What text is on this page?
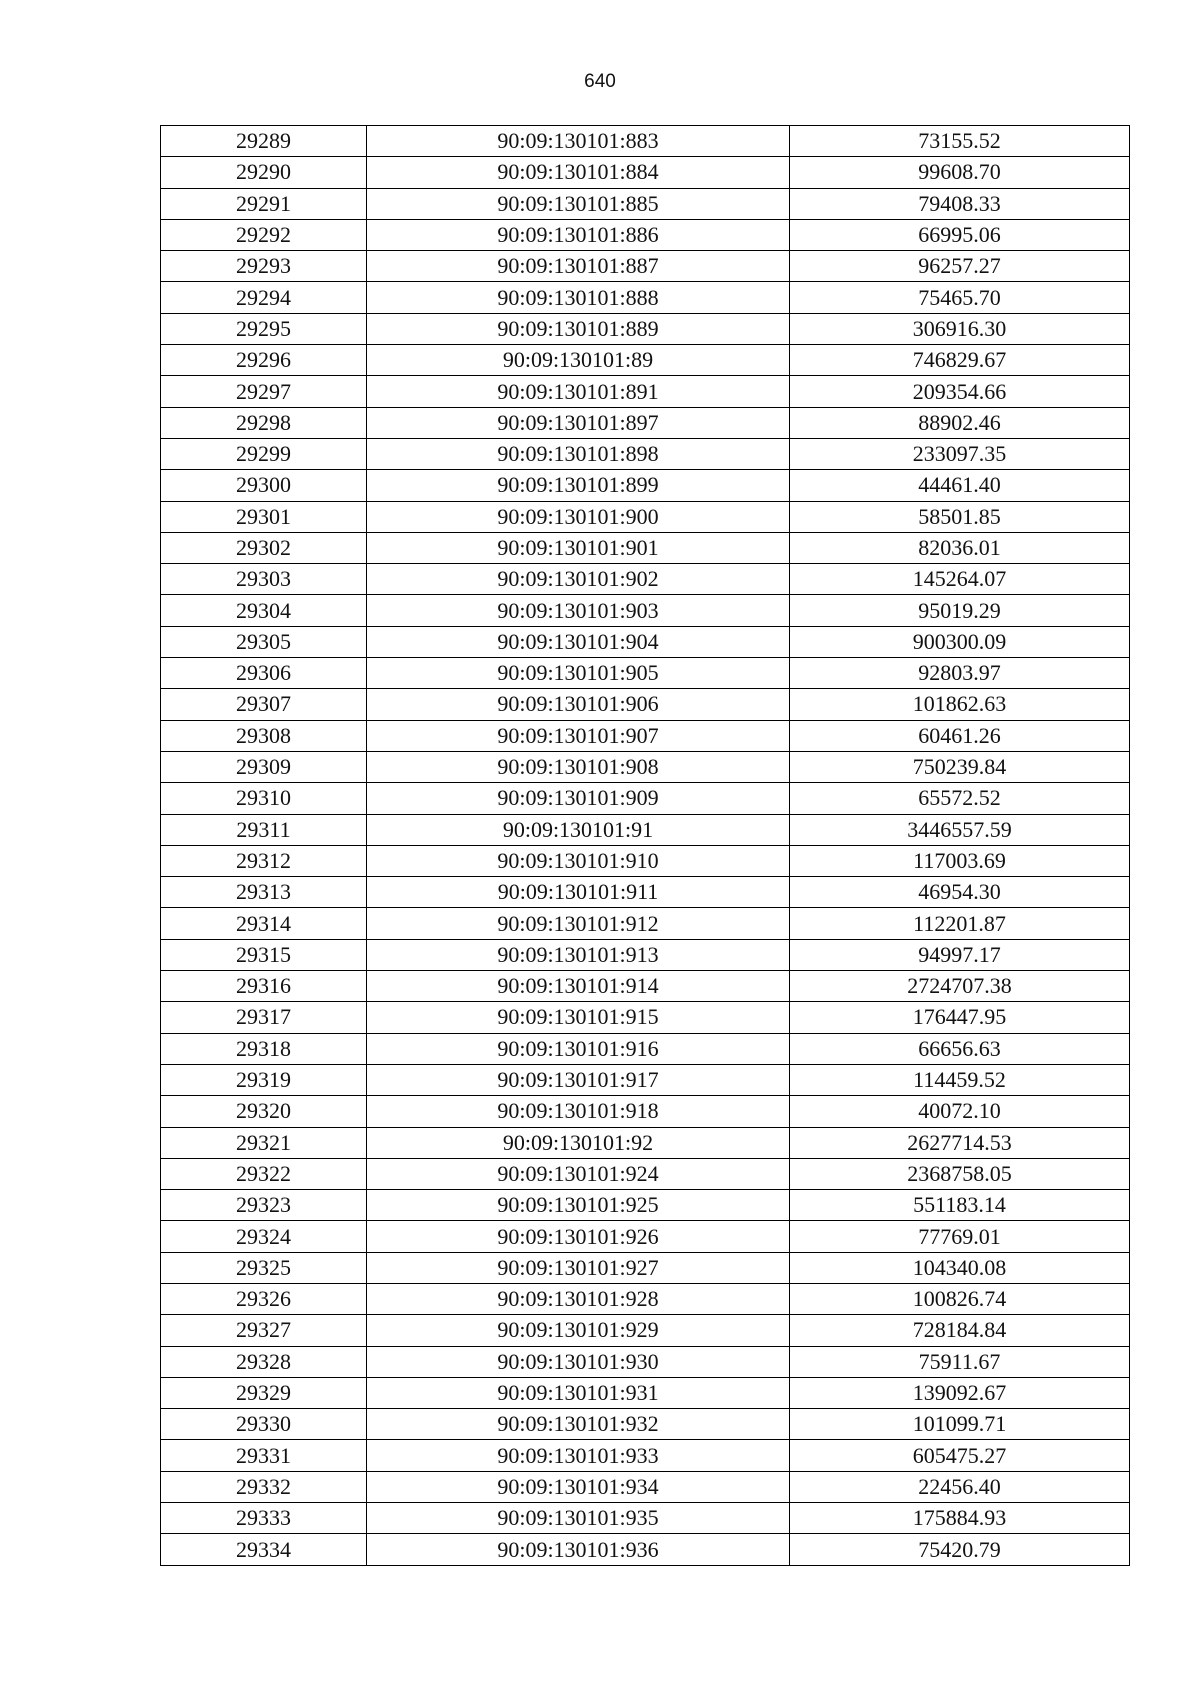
640
29289	90:09:130101:883	73155.52
29290	90:09:130101:884	99608.70
29291	90:09:130101:885	79408.33
29292	90:09:130101:886	66995.06
29293	90:09:130101:887	96257.27
29294	90:09:130101:888	75465.70
29295	90:09:130101:889	306916.30
29296	90:09:130101:89	746829.67
29297	90:09:130101:891	209354.66
29298	90:09:130101:897	88902.46
29299	90:09:130101:898	233097.35
29300	90:09:130101:899	44461.40
29301	90:09:130101:900	58501.85
29302	90:09:130101:901	82036.01
29303	90:09:130101:902	145264.07
29304	90:09:130101:903	95019.29
29305	90:09:130101:904	900300.09
29306	90:09:130101:905	92803.97
29307	90:09:130101:906	101862.63
29308	90:09:130101:907	60461.26
29309	90:09:130101:908	750239.84
29310	90:09:130101:909	65572.52
29311	90:09:130101:91	3446557.59
29312	90:09:130101:910	117003.69
29313	90:09:130101:911	46954.30
29314	90:09:130101:912	112201.87
29315	90:09:130101:913	94997.17
29316	90:09:130101:914	2724707.38
29317	90:09:130101:915	176447.95
29318	90:09:130101:916	66656.63
29319	90:09:130101:917	114459.52
29320	90:09:130101:918	40072.10
29321	90:09:130101:92	2627714.53
29322	90:09:130101:924	2368758.05
29323	90:09:130101:925	551183.14
29324	90:09:130101:926	77769.01
29325	90:09:130101:927	104340.08
29326	90:09:130101:928	100826.74
29327	90:09:130101:929	728184.84
29328	90:09:130101:930	75911.67
29329	90:09:130101:931	139092.67
29330	90:09:130101:932	101099.71
29331	90:09:130101:933	605475.27
29332	90:09:130101:934	22456.40
29333	90:09:130101:935	175884.93
29334	90:09:130101:936	75420.79
